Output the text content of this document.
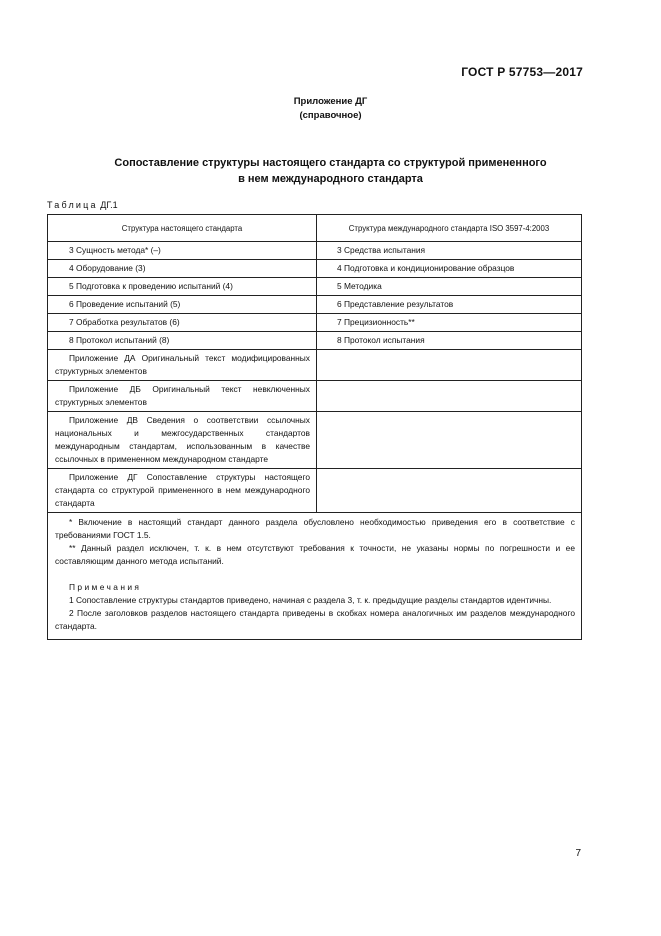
ГОСТ Р 57753—2017
Приложение ДГ
(справочное)
Сопоставление структуры настоящего стандарта со структурой примененного
в нем международного стандарта
Таблица ДГ.1
Структура настоящего стандарта	Структура международного стандарта ISO 3597-4:2003
3 Сущность метода* (–)	3 Средства испытания
4 Оборудование (3)	4 Подготовка и кондиционирование образцов
5 Подготовка к проведению испытаний (4)	5 Методика
6 Проведение испытаний (5)	6 Представление результатов
7 Обработка результатов (6)	7 Прецизионность**
8 Протокол испытаний (8)	8 Протокол испытания
Приложение ДА Оригинальный текст модифицированных структурных элементов	
Приложение ДБ Оригинальный текст невключенных структурных элементов	
Приложение ДВ Сведения о соответствии ссылочных национальных и межгосударственных стандартов международным стандартам, использованным в качестве ссылочных в примененном международном стандарте	
Приложение ДГ Сопоставление структуры настоящего стандарта со структурой примененного в нем международного стандарта	

* Включение в настоящий стандарт данного раздела обусловлено необходимостью приведения его в соответствие с требованиями ГОСТ 1.5.
** Данный раздел исключен, т. к. в нем отсутствуют требования к точности, не указаны нормы по погрешности и ее составляющим данного метода испытаний.
Примечания
1 Сопоставление структуры стандартов приведено, начиная с раздела 3, т. к. предыдущие разделы стандартов идентичны.
2 После заголовков разделов настоящего стандарта приведены в скобках номера аналогичных им разделов международного стандарта.	
7
